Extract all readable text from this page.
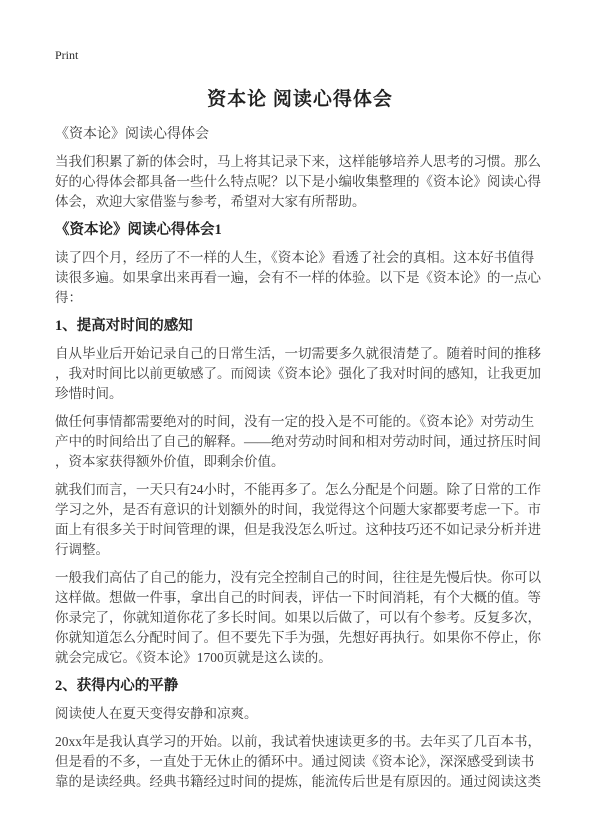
Print
资本论 阅读心得体会
《资本论》阅读心得体会

当我们积累了新的体会时，马上将其记录下来，这样能够培养人思考的习惯。那么好的心得体会都具备一些什么特点呢？以下是小编收集整理的《资本论》阅读心得体会，欢迎大家借鉴与参考，希望对大家有所帮助。

《资本论》阅读心得体会1

读了四个月，经历了不一样的人生，《资本论》看透了社会的真相。这本好书值得读很多遍。如果拿出来再看一遍，会有不一样的体验。以下是《资本论》的一点心得：

1、提高对时间的感知

自从毕业后开始记录自己的日常生活，一切需要多久就很清楚了。随着时间的推移，我对时间比以前更敏感了。而阅读《资本论》强化了我对时间的感知，让我更加珍惜时间。

做任何事情都需要绝对的时间，没有一定的投入是不可能的。《资本论》对劳动生产中的时间给出了自己的解释。——绝对劳动时间和相对劳动时间，通过挤压时间，资本家获得额外价值，即剩余价值。

就我们而言，一天只有24小时，不能再多了。怎么分配是个问题。除了日常的工作学习之外，是否有意识的计划额外的时间，我觉得这个问题大家都要考虑一下。市面上有很多关于时间管理的课，但是我没怎么听过。这种技巧还不如记录分析并进行调整。

一般我们高估了自己的能力，没有完全控制自己的时间，往往是先慢后快。你可以这样做。想做一件事，拿出自己的时间表，评估一下时间消耗，有个大概的值。等你录完了，你就知道你花了多长时间。如果以后做了，可以有个参考。反复多次，你就知道怎么分配时间了。但不要先下手为强，先想好再执行。如果你不停止，你就会完成它。《资本论》1700页就是这么读的。

2、获得内心的平静

阅读使人在夏天变得安静和凉爽。

20xx年是我认真学习的开始。以前，我试着快速读更多的书。去年买了几百本书，但是看的不多，一直处于无休止的循环中。通过阅读《资本论》，深深感受到读书靠的是读经典。经典书籍经过时间的提炼，能流传后世是有原因的。通过阅读这类
